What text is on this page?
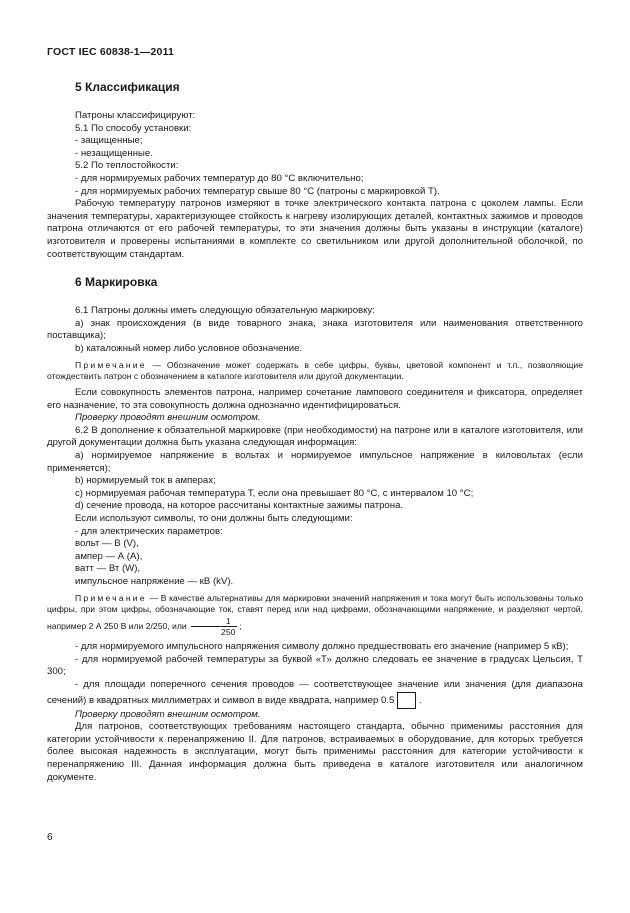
ГОСТ IEC 60838-1—2011
5 Классификация

Патроны классифицируют:

5.1 По способу установки:

- защищенные;

- незащищенные.

5.2 По теплостойкости:

- для нормируемых рабочих температур до 80 °С включительно;

- для нормируемых рабочих температур свыше 80 °С (патроны с маркировкой Т).

Рабочую температуру патронов измеряют в точке электрического контакта патрона с цоколем лампы. Если значения температуры, характеризующее стойкость к нагреву изолирующих деталей, контактных зажимов и проводов патрона отличаются от его рабочей температуры, то эти значения должны быть указаны в инструкции (каталоге) изготовителя и проверены испытаниями в комплекте со светильником или другой дополнительной оболочкой, по соответствующим стандартам.

6 Маркировка

6.1 Патроны должны иметь следующую обязательную маркировку:

а) знак происхождения (в виде товарного знака, знака изготовителя или наименования ответственного поставщика);

b) каталожный номер либо условное обозначение.

Примечание — Обозначение может содержать в себе цифры, буквы, цветовой компонент и т.п., позволяющие отождествить патрон с обозначением в каталоге изготовителя или другой документации.

Если совокупность элементов патрона, например сочетание лампового соединителя и фиксатора, определяет его назначение, то эта совокупность должна однозначно идентифицироваться.

Проверку проводят внешним осмотром.

6.2 В дополнение к обязательной маркировке (при необходимости) на патроне или в каталоге изготовителя, или другой документации должна быть указана следующая информация:

а) нормируемое напряжение в вольтах и нормируемое импульсное напряжение в киловольтах (если применяется);

b) нормируемый ток в амперах;

с) нормируемая рабочая температура Т, если она превышает 80 °С, с интервалом 10 °С;

d) сечение провода, на которое рассчитаны контактные зажимы патрона.

Если используют символы, то они должны быть следующими:

- для электрических параметров:

вольт — В (V),

ампер — А (А),

ватт — Вт (W),

импульсное напряжение — кВ (kV).

Примечание — В качестве альтернативы для маркировки значений напряжения и тока могут быть использованы только цифры, при этом цифры, обозначающие ток, ставят перед или над цифрами, обозначающими напряжение, и разделяют чертой, например 2 А 250 В или 2/250, или $\frac{1}{250}$ ;

- для нормируемого импульсного напряжения символу должно предшествовать его значение (например 5 кВ);

- для нормируемой рабочей температуры за буквой «Т» должно следовать ее значение в градусах Цельсия, Т 300;

- для площади поперечного сечения проводов — соответствующее значение или значения (для диапазона сечений) в квадратных миллиметрах и символ в виде квадрата, например 0.5	.

Проверку проводят внешним осмотром.

Для патронов, соответствующих требованиям настоящего стандарта, обычно применимы расстояния для категории устойчивости к перенапряжению II. Для патронов, встраиваемых в оборудование, для которых требуется более высокая надежность в эксплуатации, могут быть применимы расстояния для категории устойчивости к перенапряжению III. Данная информация должна быть приведена в каталоге изготовителя или аналогичном документе.

6
